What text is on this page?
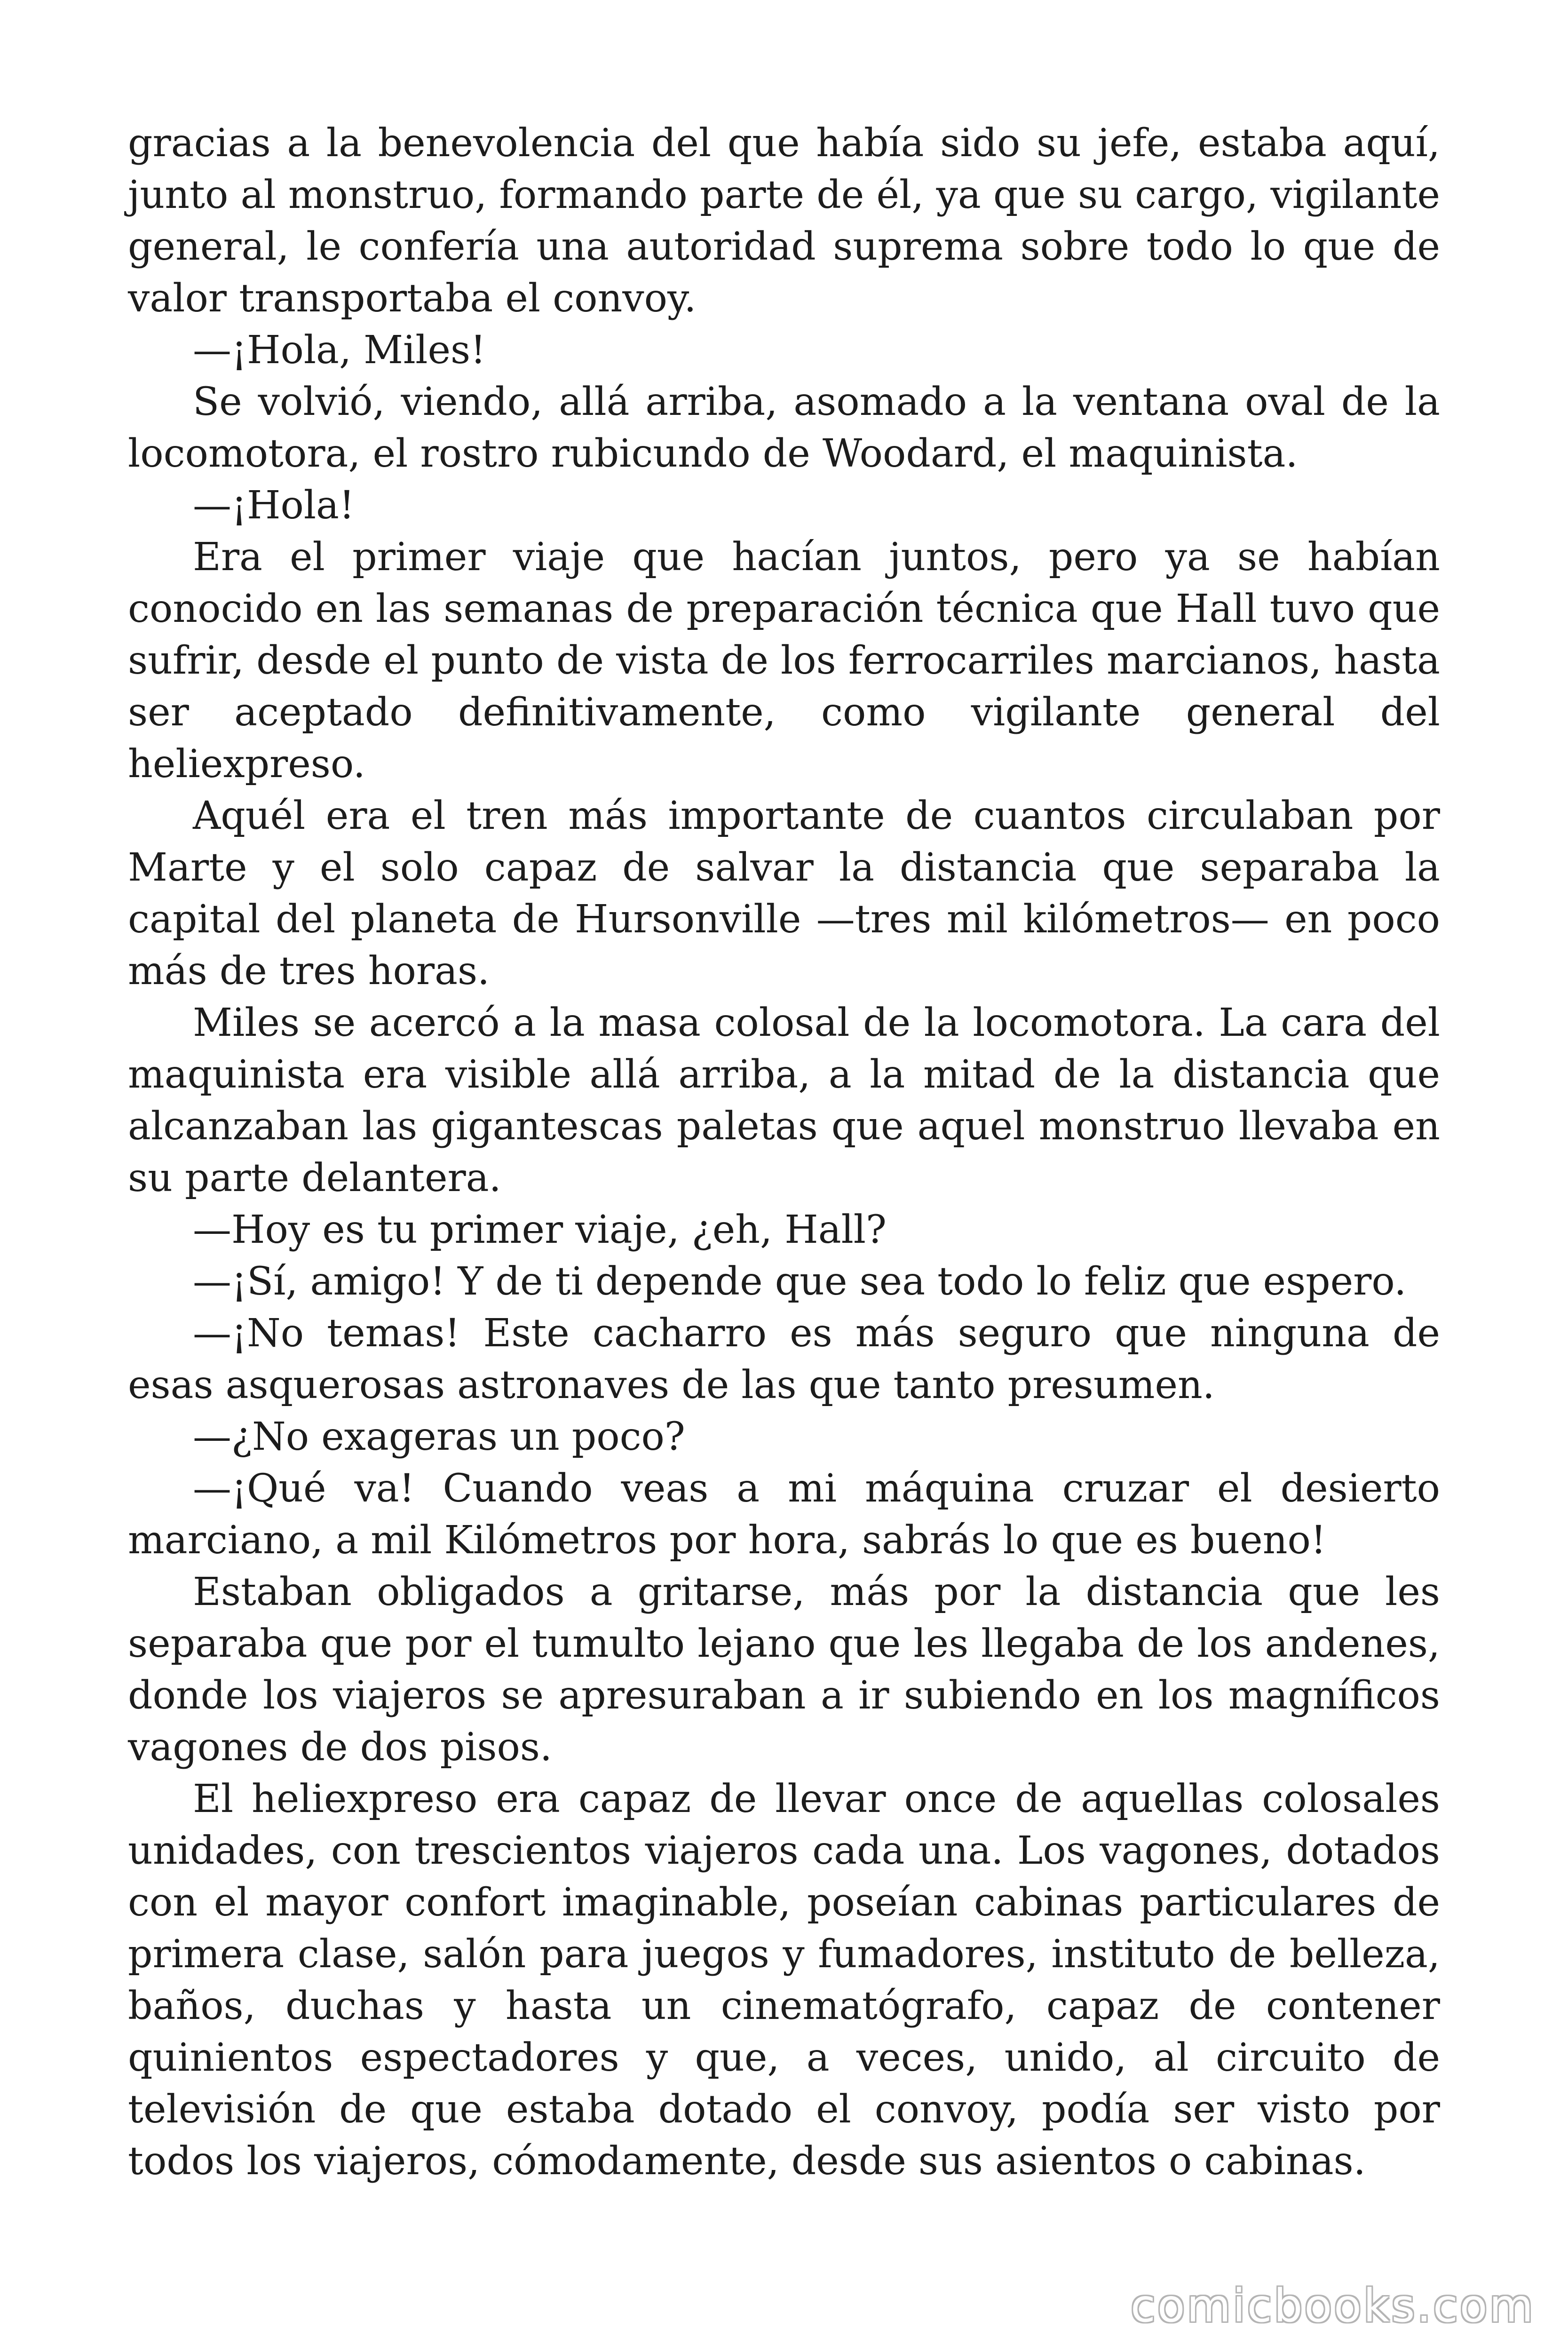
gracias a la benevolencia del que había sido su jefe, estaba aquí, junto al monstruo, formando parte de él, ya que su cargo, vigilante general, le confería una autoridad suprema sobre todo lo que de valor transportaba el convoy.

—¡Hola, Miles!

Se volvió, viendo, allá arriba, asomado a la ventana oval de la locomotora, el rostro rubicundo de Woodard, el maquinista.

—¡Hola!

Era el primer viaje que hacían juntos, pero ya se habían conocido en las semanas de preparación técnica que Hall tuvo que sufrir, desde el punto de vista de los ferrocarriles marcianos, hasta ser aceptado definitivamente, como vigilante general del heliexpreso.

Aquél era el tren más importante de cuantos circulaban por Marte y el solo capaz de salvar la distancia que separaba la capital del planeta de Hursonville —tres mil kilómetros— en poco más de tres horas.

Miles se acercó a la masa colosal de la locomotora. La cara del maquinista era visible allá arriba, a la mitad de la distancia que alcanzaban las gigantescas paletas que aquel monstruo llevaba en su parte delantera.

—Hoy es tu primer viaje, ¿eh, Hall?

—¡Sí, amigo! Y de ti depende que sea todo lo feliz que espero.

—¡No temas! Este cacharro es más seguro que ninguna de esas asquerosas astronaves de las que tanto presumen.

—¿No exageras un poco?

—¡Qué va! Cuando veas a mi máquina cruzar el desierto marciano, a mil Kilómetros por hora, sabrás lo que es bueno!

Estaban obligados a gritarse, más por la distancia que les separaba que por el tumulto lejano que les llegaba de los andenes, donde los viajeros se apresuraban a ir subiendo en los magníficos vagones de dos pisos.

El heliexpreso era capaz de llevar once de aquellas colosales unidades, con trescientos viajeros cada una. Los vagones, dotados con el mayor confort imaginable, poseían cabinas particulares de primera clase, salón para juegos y fumadores, instituto de belleza, baños, duchas y hasta un cinematógrafo, capaz de contener quinientos espectadores y que, a veces, unido, al circuito de televisión de que estaba dotado el convoy, podía ser visto por todos los viajeros, cómodamente, desde sus asientos o cabinas.

comicbooks.com
